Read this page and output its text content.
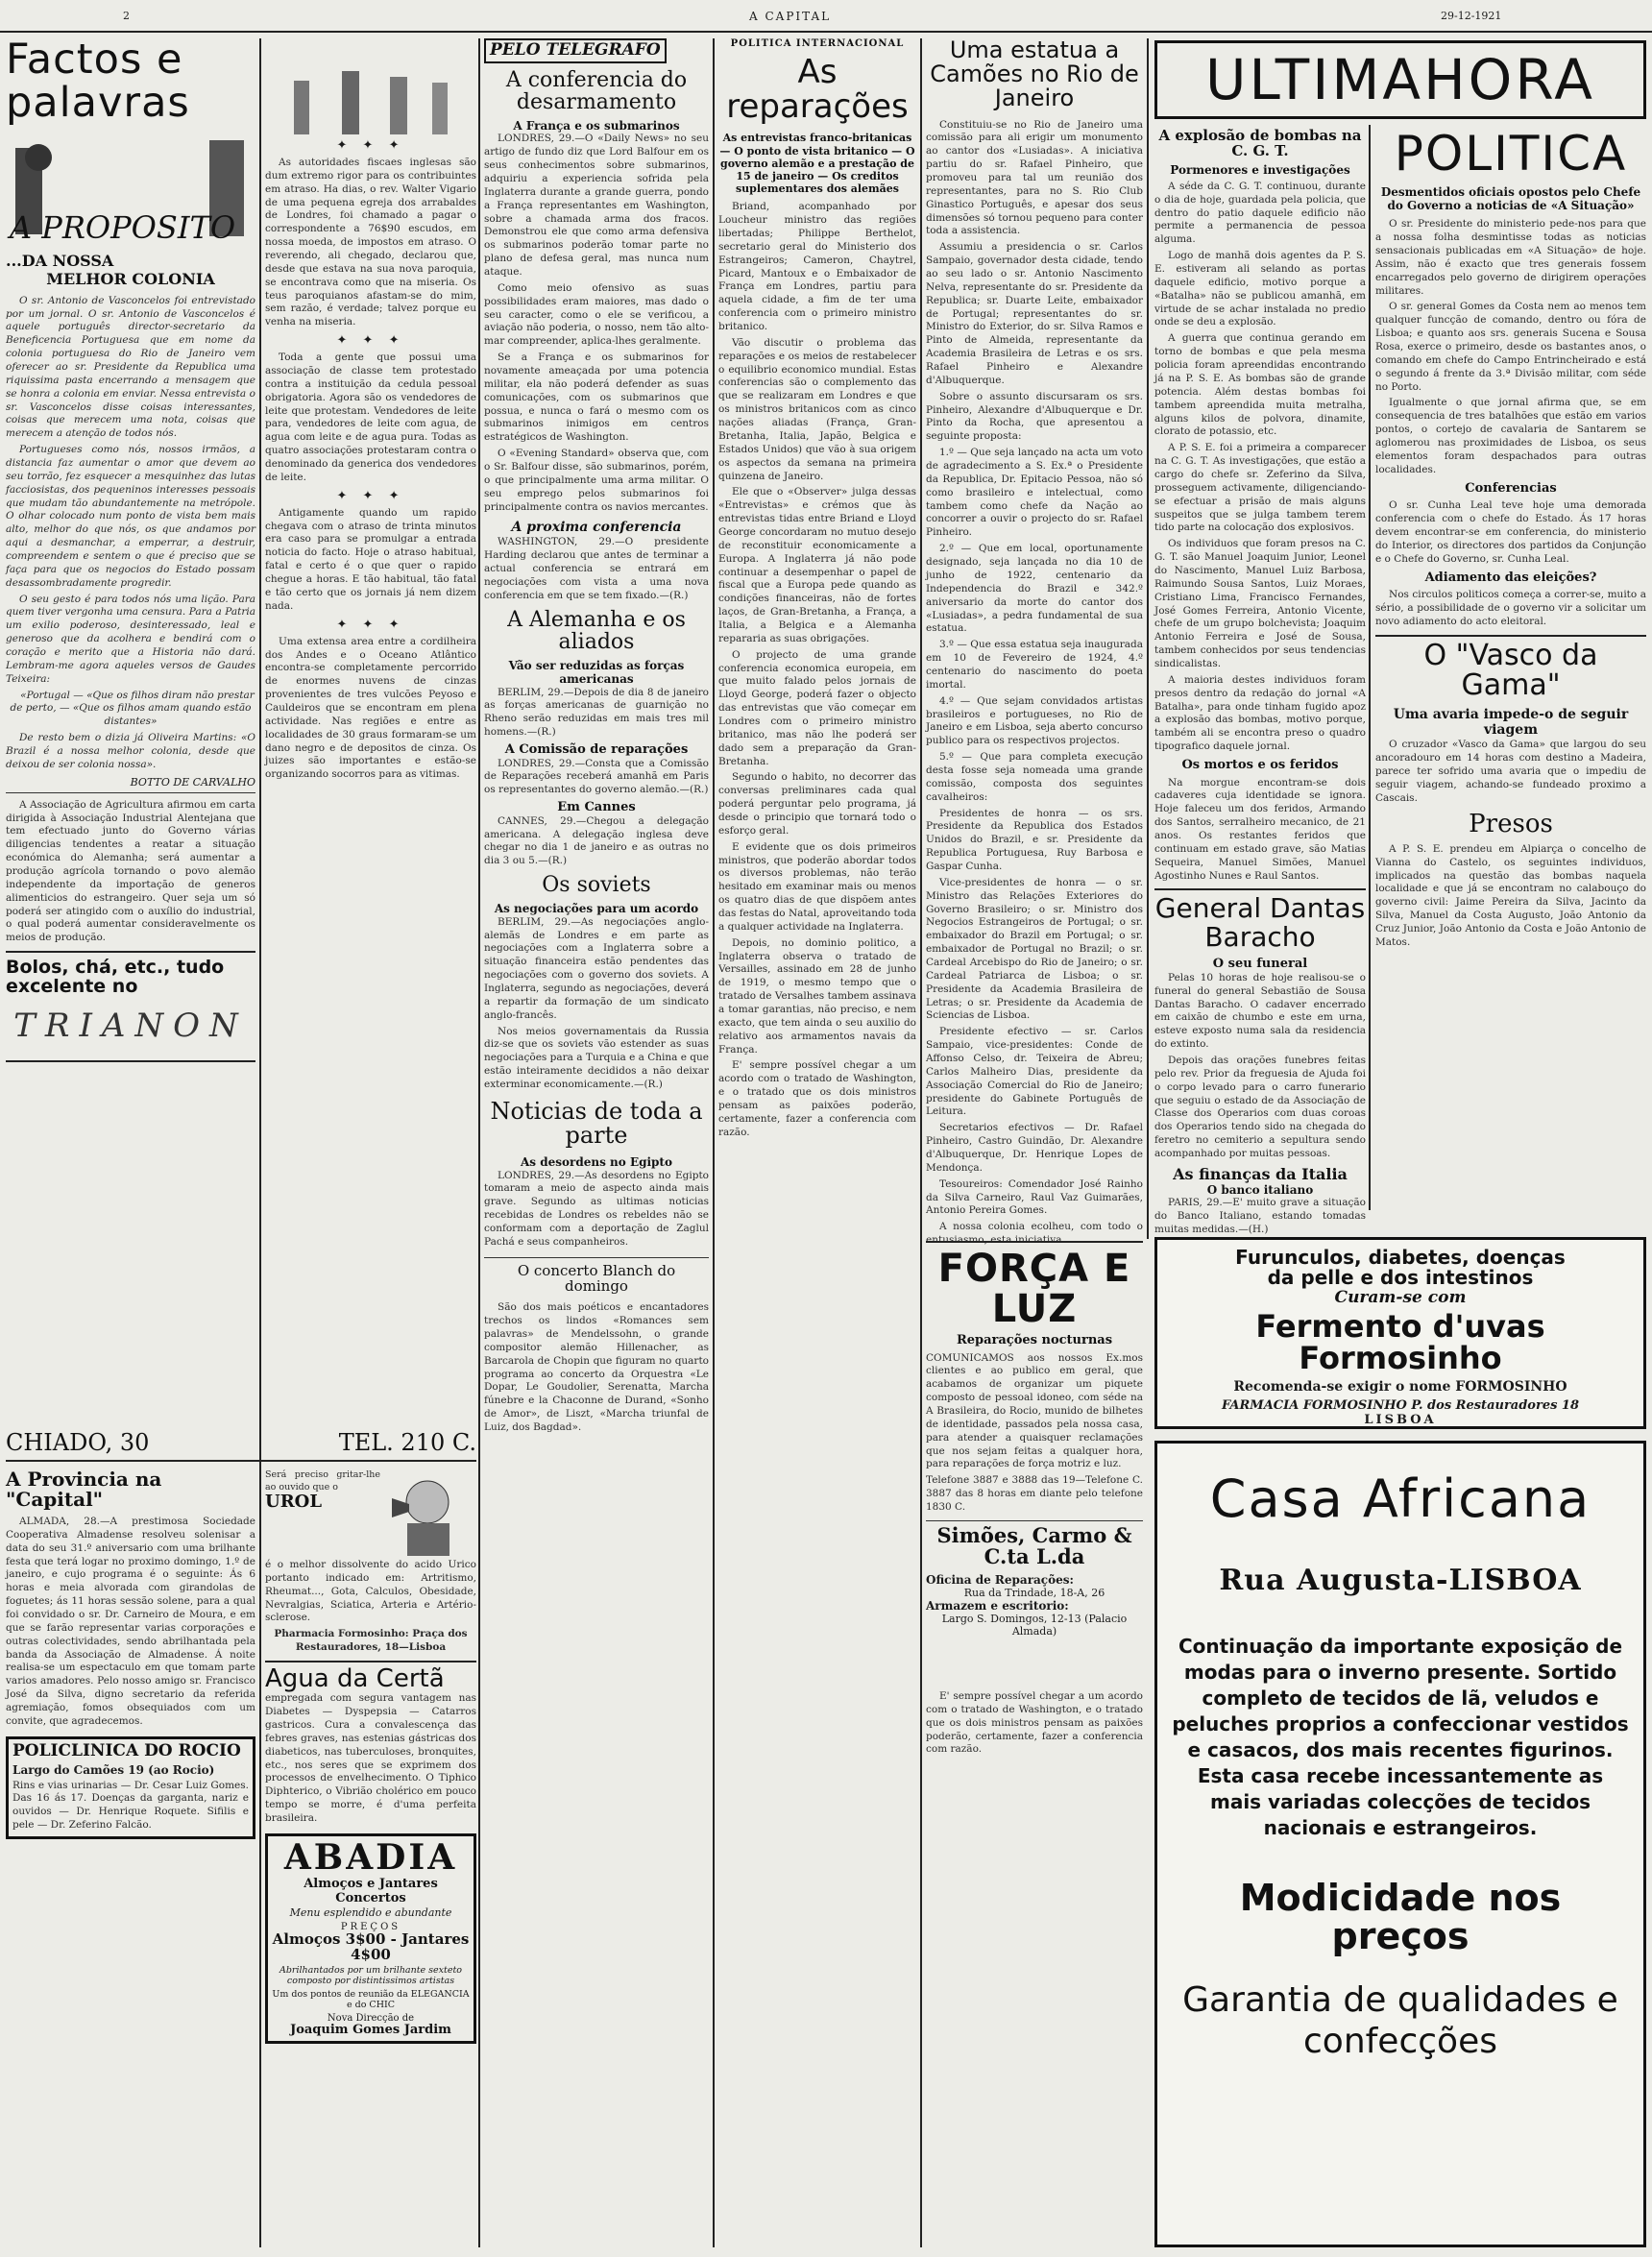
2	A CAPITAL	29-12-1921
Factos e palavras
A PROPOSITO
...DA NOSSA
MELHOR COLONIA

O sr. Antonio de Vasconcelos foi entrevistado por um jornal. O sr. Antonio de Vasconcelos é aquele português director-secretario da Beneficencia Portuguesa que em nome da colonia portuguesa do Rio de Janeiro vem oferecer ao sr. Presidente da Republica uma riquissima pasta encerrando a mensagem que se honra a colonia em enviar. Nessa entrevista o sr. Vasconcelos disse coisas interessantes, coisas que merecem uma nota, coisas que merecem a atenção de todos nós.

Portugueses como nós, nossos irmãos, a distancia faz aumentar o amor que devem ao seu torrão, fez esquecer a mesquinhez das lutas facciosistas, dos pequeninos interesses pessoais que mudam tão abundantemente na metrópole. O olhar colocado num ponto de vista bem mais alto, melhor do que nós, os que andamos por aqui a desmanchar, a emperrar, a destruir, compreendem e sentem o que é preciso que se faça para que os negocios do Estado possam desassombradamente progredir.

O seu gesto é para todos nós uma lição. Para quem tiver vergonha uma censura. Para a Patria um exilio poderoso, desinteressado, leal e generoso que da acolhera e bendirá com o coração e merito que a Historia não dará. Lembram-me agora aqueles versos de Gaudes Teixeira:

«Portugal — «Que os filhos diram não prestar de perto, — «Que os filhos amam quando estão distantes»

De resto bem o dizia já Oliveira Martins: «O Brazil é a nossa melhor colonia, desde que deixou de ser colonia nossa».

BOTTO DE CARVALHO

A Associação de Agricultura afirmou em carta dirigida à Associação Industrial Alentejana que tem efectuado junto do Governo várias diligencias tendentes a reatar a situação económica do Alemanha; será aumentar a produção agrícola tornando o povo alemão independente da importação de generos alimenticios do estrangeiro. Quer seja um só poderá ser atingido com o auxílio do industrial, o qual poderá aumentar consideravelmente os meios de produção.

Bolos, chá, etc., tudo excelente no
TRIANON
CHIADO, 30	TEL. 210 C.
A Provincia na "Capital"

ALMADA, 28.—A prestimosa Sociedade Cooperativa Almadense resolveu solenisar a data do seu 31.º aniversario com uma brilhante festa que terá logar no proximo domingo, 1.º de janeiro, e cujo programa é o seguinte: Ás 6 horas e meia alvorada com girandolas de foguetes; ás 11 horas sessão solene, para a qual foi convidado o sr. Dr. Carneiro de Moura, e em que se farão representar varias corporações e outras colectividades, sendo abrilhantada pela banda da Associação de Almadense. Á noite realisa-se um espectaculo em que tomam parte varios amadores. Pelo nosso amigo sr. Francisco José da Silva, digno secretario da referida agremiação, fomos obsequiados com um convite, que agradecemos.

POLICLINICA DO ROCIO
Largo do Camões 19 (ao Rocio)
Rins e vias urinarias — Dr. Cesar Luiz Gomes. Das 16 ás 17. Doenças da garganta, nariz e ouvidos — Dr. Henrique Roquete. Sifilis e pele — Dr. Zeferino Falcão.
✦ ✦ ✦

As autoridades fiscaes inglesas são dum extremo rigor para os contribuintes em atraso. Ha dias, o rev. Walter Vigario de uma pequena egreja dos arrabaldes de Londres, foi chamado a pagar o correspondente a 76$90 escudos, em nossa moeda, de impostos em atraso. O reverendo, ali chegado, declarou que, desde que estava na sua nova paroquia, se encontrava como que na miseria. Os teus paroquianos afastam-se do mim, sem razão, é verdade; talvez porque eu venha na miseria.

✦ ✦ ✦

Toda a gente que possui uma associação de classe tem protestado contra a instituição da cedula pessoal obrigatoria. Agora são os vendedores de leite que protestam. Vendedores de leite para, vendedores de leite com agua, de agua com leite e de agua pura. Todas as quatro associações protestaram contra o denominado da generica dos vendedores de leite.

✦ ✦ ✦

Antigamente quando um rapido chegava com o atraso de trinta minutos era caso para se promulgar a entrada noticia do facto. Hoje o atraso habitual, fatal e certo é o que quer o rapido chegue a horas. E tão habitual, tão fatal e tão certo que os jornais já nem dizem nada.

✦ ✦ ✦

Uma extensa area entre a cordilheira dos Andes e o Oceano Atlântico encontra-se completamente percorrido de enormes nuvens de cinzas provenientes de tres vulcões Peyoso e Cauldeiros que se encontram em plena actividade. Nas regiões e entre as localidades de 30 graus formaram-se um dano negro e de depositos de cinza. Os juizes são importantes e estão-se organizando socorros para as vitimas.

Será preciso gritar-lhe ao ouvido que o
UROL
é o melhor dissolvente do acido Urico portanto indicado em: Artritismo, Rheumat..., Gota, Calculos, Obesidade, Nevralgias, Sciatica, Arteria e Artério-sclerose.
Pharmacia Formosinho: Praça dos Restauradores, 18—Lisboa
Agua da Certã
empregada com segura vantagem nas Diabetes — Dyspepsia — Catarros gastricos. Cura a convalescença das febres graves, nas estenias gástricas dos diabeticos, nas tuberculoses, bronquites, etc., nos seres que se exprimem dos processos de envelhecimento. O Tiphico Diphterico, o Vibrião cholérico em pouco tempo se morre, é d'uma perfeita brasileira.
ABADIA
Almoços e Jantares Concertos
Menu esplendido e abundante
PREÇOS
Almoços 3$00 - Jantares 4$00
Abrilhantados por um brilhante sexteto composto por distintissimos artistas
Um dos pontos de reunião da ELEGANCIA e do CHIC
Nova Direcção de
Joaquim Gomes Jardim
PELO TELEGRAFO
A conferencia do desarmamento
A França e os submarinos

LONDRES, 29.—O «Daily News» no seu artigo de fundo diz que Lord Balfour em os seus conhecimentos sobre submarinos, adquiriu a experiencia sofrida pela Inglaterra durante a grande guerra, pondo a França representantes em Washington, sobre a chamada arma dos fracos. Demonstrou ele que como arma defensiva os submarinos poderão tomar parte no plano de defesa geral, mas nunca num ataque.

Como meio ofensivo as suas possibilidades eram maiores, mas dado o seu caracter, como o ele se verificou, a aviação não poderia, o nosso, nem tão alto-mar compreender, aplica-lhes geralmente.

Se a França e os submarinos for novamente ameaçada por uma potencia militar, ela não poderá defender as suas comunicações, com os submarinos que possua, e nunca o fará o mesmo com os submarinos inimigos em centros estratégicos de Washington.

O «Evening Standard» observa que, com o Sr. Balfour disse, são submarinos, porém, o que principalmente uma arma militar. O seu emprego pelos submarinos foi principalmente contra os navios mercantes.

A proxima conferencia

WASHINGTON, 29.—O presidente Harding declarou que antes de terminar a actual conferencia se entrará em negociações com vista a uma nova conferencia em que se tem fixado.—(R.)

A Alemanha e os aliados
Vão ser reduzidas as forças americanas

BERLIM, 29.—Depois de dia 8 de janeiro as forças americanas de guarnição no Rheno serão reduzidas em mais tres mil homens.—(R.)

A Comissão de reparações

LONDRES, 29.—Consta que a Comissão de Reparações receberá amanhã em Paris os representantes do governo alemão.—(R.)

Em Cannes

CANNES, 29.—Chegou a delegação americana. A delegação inglesa deve chegar no dia 1 de janeiro e as outras no dia 3 ou 5.—(R.)

Os soviets
As negociações para um acordo

BERLIM, 29.—As negociações anglo-alemãs de Londres e em parte as negociações com a Inglaterra sobre a situação financeira estão pendentes das negociações com o governo dos soviets. A Inglaterra, segundo as negociações, deverá a repartir da formação de um sindicato anglo-francês.

Nos meios governamentais da Russia diz-se que os soviets vão estender as suas negociações para a Turquia e a China e que estão inteiramente decididos a não deixar exterminar economicamente.—(R.)

Noticias de toda a parte
As desordens no Egipto

LONDRES, 29.—As desordens no Egipto tomaram a meio de aspecto ainda mais grave. Segundo as ultimas noticias recebidas de Londres os rebeldes não se conformam com a deportação de Zaglul Pachá e seus companheiros.

O concerto Blanch do domingo

São dos mais poéticos e encantadores trechos os lindos «Romances sem palavras» de Mendelssohn, o grande compositor alemão Hillenacher, as Barcarola de Chopin que figuram no quarto programa ao concerto da Orquestra «Le Dopar, Le Goudolier, Serenatta, Marcha fúnebre e la Chaconne de Durand, «Sonho de Amor», de Liszt, «Marcha triunfal de Luiz, dos Bagdad».

POLITICA INTERNACIONAL
As reparações
As entrevistas franco-britanicas — O ponto de vista britanico — O governo alemão e a prestação de 15 de janeiro — Os creditos suplementares dos alemães

Briand, acompanhado por Loucheur ministro das regiões libertadas; Philippe Berthelot, secretario geral do Ministerio dos Estrangeiros; Cameron, Chaytrel, Picard, Mantoux e o Embaixador de França em Londres, partiu para aquela cidade, a fim de ter uma conferencia com o primeiro ministro britanico.

Vão discutir o problema das reparações e os meios de restabelecer o equilibrio economico mundial. Estas conferencias são o complemento das que se realizaram em Londres e que os ministros britanicos com as cinco nações aliadas (França, Gran-Bretanha, Italia, Japão, Belgica e Estados Unidos) que vão à sua origem os aspectos da semana na primeira quinzena de Janeiro.

Ele que o «Observer» julga dessas «Entrevistas» e crémos que às entrevistas tidas entre Briand e Lloyd George concordaram no mutuo desejo de reconstituir economicamente a Europa. A Inglaterra já não pode continuar a desempenhar o papel de fiscal que a Europa pede quando as condições financeiras, não de fortes laços, de Gran-Bretanha, a França, a Italia, a Belgica e a Alemanha repararia as suas obrigações.

O projecto de uma grande conferencia economica europeia, em que muito falado pelos jornais de Lloyd George, poderá fazer o objecto das entrevistas que vão começar em Londres com o primeiro ministro britanico, mas não lhe poderá ser dado sem a preparação da Gran-Bretanha.

Segundo o habito, no decorrer das conversas preliminares cada qual poderá perguntar pelo programa, já desde o principio que tornará todo o esforço geral.

E evidente que os dois primeiros ministros, que poderão abordar todos os diversos problemas, não terão hesitado em examinar mais ou menos os quatro dias de que dispõem antes das festas do Natal, aproveitando toda a qualquer actividade na Inglaterra.

Depois, no dominio politico, a Inglaterra observa o tratado de Versailles, assinado em 28 de junho de 1919, o mesmo tempo que o tratado de Versalhes tambem assinava a tomar garantias, não preciso, e nem exacto, que tem ainda o seu auxilio do relativo aos armamentos navais da França.

E' sempre possível chegar a um acordo com o tratado de Washington, e o tratado que os dois ministros pensam as paixões poderão, certamente, fazer a conferencia com razão.

Uma estatua a Camões no Rio de Janeiro

Constituiu-se no Rio de Janeiro uma comissão para ali erigir um monumento ao cantor dos «Lusiadas». A iniciativa partiu do sr. Rafael Pinheiro, que promoveu para tal um reunião dos representantes, para no S. Rio Club Ginastico Português, e apesar dos seus dimensões só tornou pequeno para conter toda a assistencia.

Assumiu a presidencia o sr. Carlos Sampaio, governador desta cidade, tendo ao seu lado o sr. Antonio Nascimento Nelva, representante do sr. Presidente da Republica; sr. Duarte Leite, embaixador de Portugal; representantes do sr. Ministro do Exterior, do sr. Silva Ramos e Pinto de Almeida, representante da Academia Brasileira de Letras e os srs. Rafael Pinheiro e Alexandre d'Albuquerque.

Sobre o assunto discursaram os srs. Pinheiro, Alexandre d'Albuquerque e Dr. Pinto da Rocha, que apresentou a seguinte proposta:

1.º — Que seja lançado na acta um voto de agradecimento a S. Ex.ª o Presidente da Republica, Dr. Epitacio Pessoa, não só como brasileiro e intelectual, como tambem como chefe da Nação ao concorrer a ouvir o projecto do sr. Rafael Pinheiro.

2.º — Que em local, oportunamente designado, seja lançada no dia 10 de junho de 1922, centenario da Independencia do Brazil e 342.º aniversario da morte do cantor dos «Lusiadas», a pedra fundamental de sua estatua.

3.º — Que essa estatua seja inaugurada em 10 de Fevereiro de 1924, 4.º centenario do nascimento do poeta imortal.

4.º — Que sejam convidados artistas brasileiros e portugueses, no Rio de Janeiro e em Lisboa, seja aberto concurso publico para os respectivos projectos.

5.º — Que para completa execução desta fosse seja nomeada uma grande comissão, composta dos seguintes cavalheiros:

Presidentes de honra — os srs. Presidente da Republica dos Estados Unidos do Brazil, e sr. Presidente da Republica Portuguesa, Ruy Barbosa e Gaspar Cunha.

Vice-presidentes de honra — o sr. Ministro das Relações Exteriores do Governo Brasileiro; o sr. Ministro dos Negocios Estrangeiros de Portugal; o sr. embaixador do Brazil em Portugal; o sr. embaixador de Portugal no Brazil; o sr. Cardeal Arcebispo do Rio de Janeiro; o sr. Cardeal Patriarca de Lisboa; o sr. Presidente da Academia Brasileira de Letras; o sr. Presidente da Academia de Sciencias de Lisboa.

Presidente efectivo — sr. Carlos Sampaio, vice-presidentes: Conde de Affonso Celso, dr. Teixeira de Abreu; Carlos Malheiro Dias, presidente da Associação Comercial do Rio de Janeiro; presidente do Gabinete Português de Leitura.

Secretarios efectivos — Dr. Rafael Pinheiro, Castro Guindão, Dr. Alexandre d'Albuquerque, Dr. Henrique Lopes de Mendonça.

Tesoureiros: Comendador José Rainho da Silva Carneiro, Raul Vaz Guimarães, Antonio Pereira Gomes.

A nossa colonia ecolheu, com todo o entusiasmo, esta iniciativa.

FORÇA E LUZ
Reparações nocturnas
COMUNICAMOS aos nossos Ex.mos clientes e ao publico em geral, que acabamos de organizar um piquete composto de pessoal idoneo, com séde na A Brasileira, do Rocio, munido de bilhetes de identidade, passados pela nossa casa, para atender a quaisquer reclamações que nos sejam feitas a qualquer hora, para reparações de força motriz e luz.
Telefone 3887 e 3888 das 19—Telefone C. 3887 das 8 horas em diante pelo telefone 1830 C.
Simões, Carmo & C.ta L.da
Oficina de Reparações:
Rua da Trindade, 18-A, 26
Armazem e escritorio:
Largo S. Domingos, 12-13 (Palacio Almada)

E' sempre possível chegar a um acordo com o tratado de Washington, e o tratado que os dois ministros pensam as paixões poderão, certamente, fazer a conferencia com razão.

ULTIMA HORA
A explosão de bombas na C. G. T.
Pormenores e investigações

A séde da C. G. T. continuou, durante o dia de hoje, guardada pela policia, que dentro do patio daquele edificio não permite a permanencia de pessoa alguma.

Logo de manhã dois agentes da P. S. E. estiveram ali selando as portas daquele edificio, motivo porque a «Batalha» não se publicou amanhã, em virtude de se achar instalada no predio onde se deu a explosão.

A guerra que continua gerando em torno de bombas e que pela mesma policia foram apreendidas encontrando já na P. S. E. As bombas são de grande potencia. Além destas bombas foi tambem apreendida muita metralha, alguns kilos de polvora, dinamite, clorato de potassio, etc.

A P. S. E. foi a primeira a comparecer na C. G. T. As investigações, que estão a cargo do chefe sr. Zeferino da Silva, prosseguem activamente, diligenciando-se efectuar a prisão de mais alguns suspeitos que se julga tambem terem tido parte na colocação dos explosivos.

Os individuos que foram presos na C. G. T. são Manuel Joaquim Junior, Leonel do Nascimento, Manuel Luiz Barbosa, Raimundo Sousa Santos, Luiz Moraes, Cristiano Lima, Francisco Fernandes, José Gomes Ferreira, Antonio Vicente, chefe de um grupo bolchevista; Joaquim Antonio Ferreira e José de Sousa, tambem conhecidos por seus tendencias sindicalistas.

A maioria destes individuos foram presos dentro da redação do jornal «A Batalha», para onde tinham fugido apoz a explosão das bombas, motivo porque, também ali se encontra preso o quadro tipografico daquele jornal.

Os mortos e os feridos

Na morgue encontram-se dois cadaveres cuja identidade se ignora. Hoje faleceu um dos feridos, Armando dos Santos, serralheiro mecanico, de 21 anos. Os restantes feridos que continuam em estado grave, são Matias Sequeira, Manuel Simões, Manuel Agostinho Nunes e Raul Santos.

General Dantas Baracho
O seu funeral

Pelas 10 horas de hoje realisou-se o funeral do general Sebastião de Sousa Dantas Baracho. O cadaver encerrado em caixão de chumbo e este em urna, esteve exposto numa sala da residencia do extinto.

Depois das orações funebres feitas pelo rev. Prior da freguesia de Ajuda foi o corpo levado para o carro funerario que seguiu o estado de da Associação de Classe dos Operarios com duas coroas dos Operarios tendo sido na chegada do feretro no cemiterio a sepultura sendo acompanhado por muitas pessoas.

As finanças da Italia
O banco italiano

PARIS, 29.—E' muito grave a situação do Banco Italiano, estando tomadas muitas medidas.—(H.)

POLITICA
Desmentidos oficiais opostos pelo Chefe do Governo a noticias de «A Situação»

O sr. Presidente do ministerio pede-nos para que a nossa folha desmintisse todas as noticias sensacionais publicadas em «A Situação» de hoje. Assim, não é exacto que tres generais fossem encarregados pelo governo de dirigirem operações militares.

O sr. general Gomes da Costa nem ao menos tem qualquer funcção de comando, dentro ou fóra de Lisboa; e quanto aos srs. generais Sucena e Sousa Rosa, exerce o primeiro, desde os bastantes anos, o comando em chefe do Campo Entrincheirado e está o segundo á frente da 3.ª Divisão militar, com séde no Porto.

Igualmente o que jornal afirma que, se em consequencia de tres batalhões que estão em varios pontos, o cortejo de cavalaria de Santarem se aglomerou nas proximidades de Lisboa, os seus elementos foram despachados para outras localidades.

Conferencias

O sr. Cunha Leal teve hoje uma demorada conferencia com o chefe do Estado. Ás 17 horas devem encontrar-se em conferencia, do ministerio do Interior, os directores dos partidos da Conjunção e o Chefe do Governo, sr. Cunha Leal.

Adiamento das eleições?

Nos circulos politicos começa a correr-se, muito a sério, a possibilidade de o governo vir a solicitar um novo adiamento do acto eleitoral.

O "Vasco da Gama"
Uma avaria impede-o de seguir viagem

O cruzador «Vasco da Gama» que largou do seu ancoradouro em 14 horas com destino a Madeira, parece ter sofrido uma avaria que o impediu de seguir viagem, achando-se fundeado proximo a Cascais.

Presos

A P. S. E. prendeu em Alpiarça o concelho de Vianna do Castelo, os seguintes individuos, implicados na questão das bombas naquela localidade e que já se encontram no calabouço do governo civil: Jaime Pereira da Silva, Jacinto da Silva, Manuel da Costa Augusto, João Antonio da Cruz Junior, João Antonio da Costa e João Antonio de Matos.

Furunculos, diabetes, doenças
da pelle e dos intestinos
Curam-se com
Fermento d'uvas Formosinho
Recomenda-se exigir o nome FORMOSINHO
FARMACIA FORMOSINHO P. dos Restauradores 18
LISBOA
Casa Africana
Rua Augusta-LISBOA
Continuação da importante exposição de modas para o inverno presente. Sortido completo de tecidos de lã, veludos e peluches proprios a confeccionar vestidos e casacos, dos mais recentes figurinos. Esta casa recebe incessantemente as mais variadas colecções de tecidos nacionais e estrangeiros.
Modicidade nos preços
Garantia de qualidades e confecções
